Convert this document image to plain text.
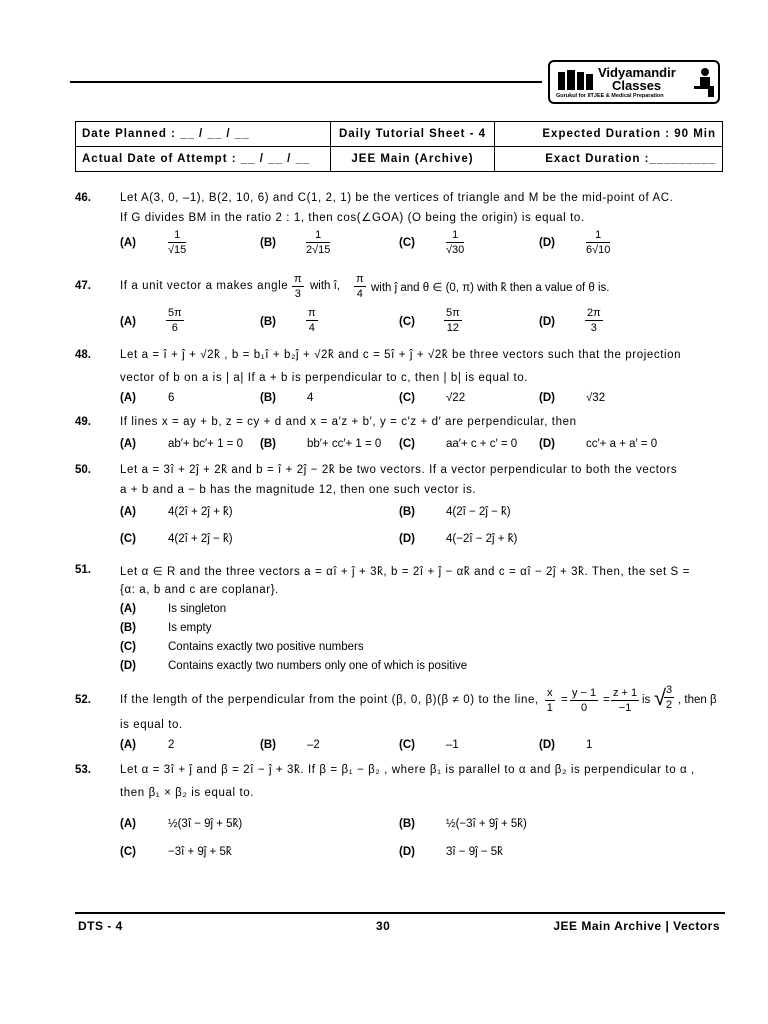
Vidyamandir
Classes
Gurukul for IITJEE & Medical Preparation
Date Planned : __ / __ / __	Daily Tutorial Sheet - 4	Expected Duration : 90 Min
Actual Date of Attempt : __ / __ / __	JEE Main (Archive)	Exact Duration :_________
46.	Let A(3, 0, –1), B(2, 10, 6) and C(1, 2, 1) be the vertices of triangle and M be the mid-point of AC.
If G divides BM in the ratio 2 : 1, then cos(∠GOA) (O being the origin) is equal to.
(A)	$\frac{1}{√15}$	(B)	$\frac{1}{2√15}$	(C)	$\frac{1}{√30}$	(D)	$\frac{1}{6√10}$
47.	If a unit vector a makes angle $\frac{\pi}{3}$ with î, $\frac{\pi}{4}$ with ĵ and θ ∈ (0, π) with k̂ then a value of θ is.
(A)	$\frac{5\pi}{6}$	(B)	$\frac{\pi}{4}$	(C)	$\frac{5\pi}{12}$	(D)	$\frac{2\pi}{3}$
48.	Let a = î + ĵ + √2k̂ , b = b₁î + b₂ĵ + √2k̂ and c = 5î + ĵ + √2k̂ be three vectors such that the projection
vector of b on a is | a| If a + b is perpendicular to c, then | b| is equal to.
(A)	6	(B)	4	(C)	√22	(D)	√32
49.	If lines x = ay + b, z = cy + d and x = a′z + b′, y = c′z + d′ are perpendicular, then
(A)	ab′+ bc′+ 1 = 0 (B)	bb′+ cc′+ 1 = 0 (C)	aa′+ c + c′ = 0 (D)	cc′+ a + a′ = 0
50.	Let a = 3î + 2ĵ + 2k̂ and b = î + 2ĵ − 2k̂ be two vectors. If a vector perpendicular to both the vectors
a + b and a − b has the magnitude 12, then one such vector is.
(A)	4(2î + 2ĵ + k̂)	(B)	4(2î − 2ĵ − k̂)
(C)	4(2î + 2ĵ − k̂)	(D)	4(−2î − 2ĵ + k̂)
51.	Let α ∈ R and the three vectors a = αî + ĵ + 3k̂, b = 2î + ĵ − αk̂ and c = αî − 2ĵ + 3k̂. Then, the set S =
{α: a, b and c are coplanar}.
(A)	Is singleton
(B)	Is empty
(C)	Contains exactly two positive numbers
(D)	Contains exactly two numbers only one of which is positive
52.	If the length of the perpendicular from the point (β, 0, β)(β ≠ 0) to the line, $\frac{x}{1} = \frac{y - 1}{0} = \frac{z + 1}{-1}$ is √
$\frac{3}{2}$ , then β
is equal to.
(A)	2	(B)	–2	(C)	–1	(D)	1
53.	Let α = 3î + ĵ and β = 2î − ĵ + 3k̂. If β = β₁ − β₂ , where β₁ is parallel to α and β₂ is perpendicular to α ,
then β₁ × β₂ is equal to.
(A)	½(3î − 9ĵ + 5k̂)	(B)	½(−3î + 9ĵ + 5k̂)
(C)	−3î + 9ĵ + 5k̂	(D)	3î − 9ĵ − 5k̂
DTS - 4	30	JEE Main Archive | Vectors
